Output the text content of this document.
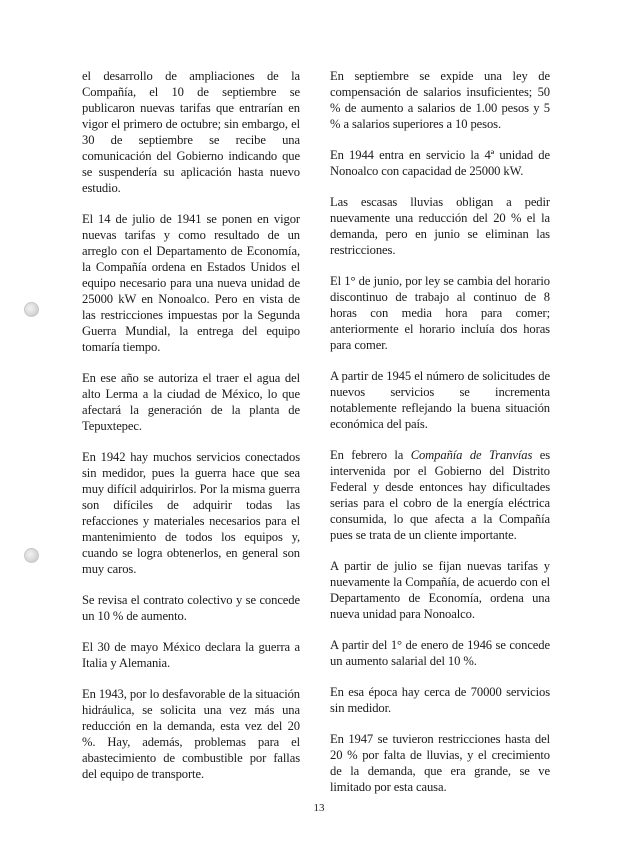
el desarrollo de ampliaciones de la Compañía, el 10 de septiembre se publicaron nuevas tarifas que entrarían en vigor el primero de octubre; sin embargo, el 30 de septiembre se recibe una comunicación del Gobierno indicando que se suspendería su aplicación hasta nuevo estudio.

El 14 de julio de 1941 se ponen en vigor nuevas tarifas y como resultado de un arreglo con el Departamento de Economía, la Compañía ordena en Estados Unidos el equipo necesario para una nueva unidad de 25000 kW en Nonoalco. Pero en vista de las restricciones impuestas por la Segunda Guerra Mundial, la entrega del equipo tomaría tiempo.

En ese año se autoriza el traer el agua del alto Lerma a la ciudad de México, lo que afectará la generación de la planta de Tepuxtepec.

En 1942 hay muchos servicios conectados sin medidor, pues la guerra hace que sea muy difícil adquirirlos. Por la misma guerra son difíciles de adquirir todas las refacciones y materiales necesarios para el mantenimiento de todos los equipos y, cuando se logra obtenerlos, en general son muy caros.

Se revisa el contrato colectivo y se concede un 10 % de aumento.

El 30 de mayo México declara la guerra a Italia y Alemania.

En 1943, por lo desfavorable de la situación hidráulica, se solicita una vez más una reducción en la demanda, esta vez del 20 %. Hay, además, problemas para el abastecimiento de combustible por fallas del equipo de transporte.

En septiembre se expide una ley de compensación de salarios insuficientes; 50 % de aumento a salarios de 1.00 pesos y 5 % a salarios superiores a 10 pesos.

En 1944 entra en servicio la 4ª unidad de Nonoalco con capacidad de 25000 kW.

Las escasas lluvias obligan a pedir nuevamente una reducción del 20 % el la demanda, pero en junio se eliminan las restricciones.

El 1° de junio, por ley se cambia del horario discontinuo de trabajo al continuo de 8 horas con media hora para comer; anteriormente el horario incluía dos horas para comer.

A partir de 1945 el número de solicitudes de nuevos servicios se incrementa notablemente reflejando la buena situación económica del país.

En febrero la Compañía de Tranvías es intervenida por el Gobierno del Distrito Federal y desde entonces hay dificultades serias para el cobro de la energía eléctrica consumida, lo que afecta a la Compañía pues se trata de un cliente importante.

A partir de julio se fijan nuevas tarifas y nuevamente la Compañía, de acuerdo con el Departamento de Economía, ordena una nueva unidad para Nonoalco.

A partir del 1° de enero de 1946 se concede un aumento salarial del 10 %.

En esa época hay cerca de 70000 servicios sin medidor.

En 1947 se tuvieron restricciones hasta del 20 % por falta de lluvias, y el crecimiento de la demanda, que era grande, se ve limitado por esta causa.

13
